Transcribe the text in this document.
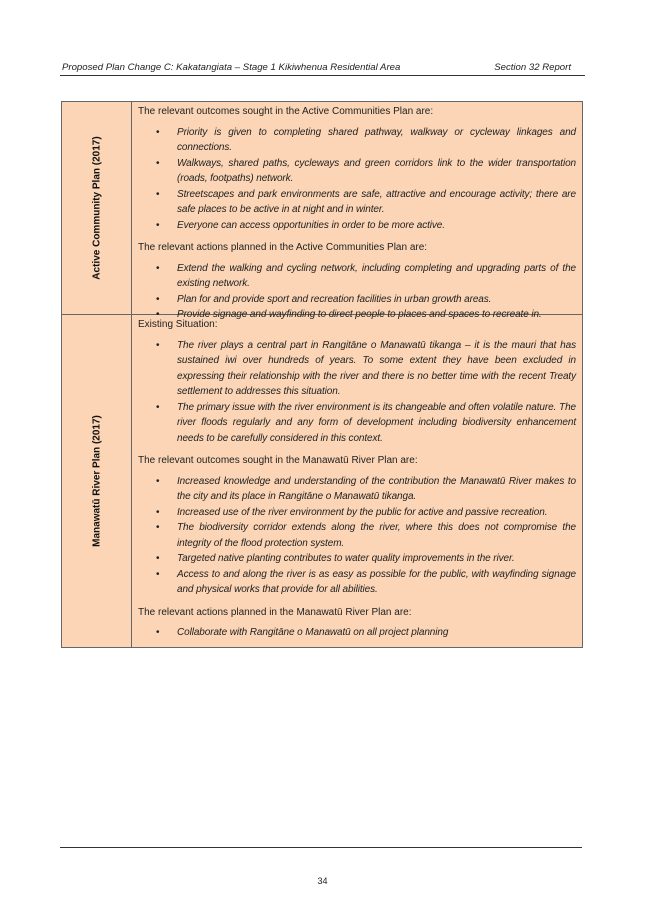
Proposed Plan Change C: Kakatangiata – Stage 1 Kikiwhenua Residential Area	Section 32 Report
Active Community Plan (2017)

The relevant outcomes sought in the Active Communities Plan are:

• Priority is given to completing shared pathway, walkway or cycleway linkages and connections.
• Walkways, shared paths, cycleways and green corridors link to the wider transportation (roads, footpaths) network.
• Streetscapes and park environments are safe, attractive and encourage activity; there are safe places to be active in at night and in winter.
• Everyone can access opportunities in order to be more active.

The relevant actions planned in the Active Communities Plan are:

• Extend the walking and cycling network, including completing and upgrading parts of the existing network.
• Plan for and provide sport and recreation facilities in urban growth areas.
• Provide signage and wayfinding to direct people to places and spaces to recreate in.
Manawatū River Plan (2017)

Existing Situation:

• The river plays a central part in Rangitāne o Manawatū tikanga – it is the mauri that has sustained iwi over hundreds of years. To some extent they have been excluded in expressing their relationship with the river and there is no better time with the recent Treaty settlement to addresses this situation.
• The primary issue with the river environment is its changeable and often volatile nature. The river floods regularly and any form of development including biodiversity enhancement needs to be carefully considered in this context.

The relevant outcomes sought in the Manawatū River Plan are:

• Increased knowledge and understanding of the contribution the Manawatū River makes to the city and its place in Rangitāne o Manawatū tikanga.
• Increased use of the river environment by the public for active and passive recreation.
• The biodiversity corridor extends along the river, where this does not compromise the integrity of the flood protection system.
• Targeted native planting contributes to water quality improvements in the river.
• Access to and along the river is as easy as possible for the public, with wayfinding signage and physical works that provide for all abilities.

The relevant actions planned in the Manawatū River Plan are:

• Collaborate with Rangitāne o Manawatū on all project planning
34
